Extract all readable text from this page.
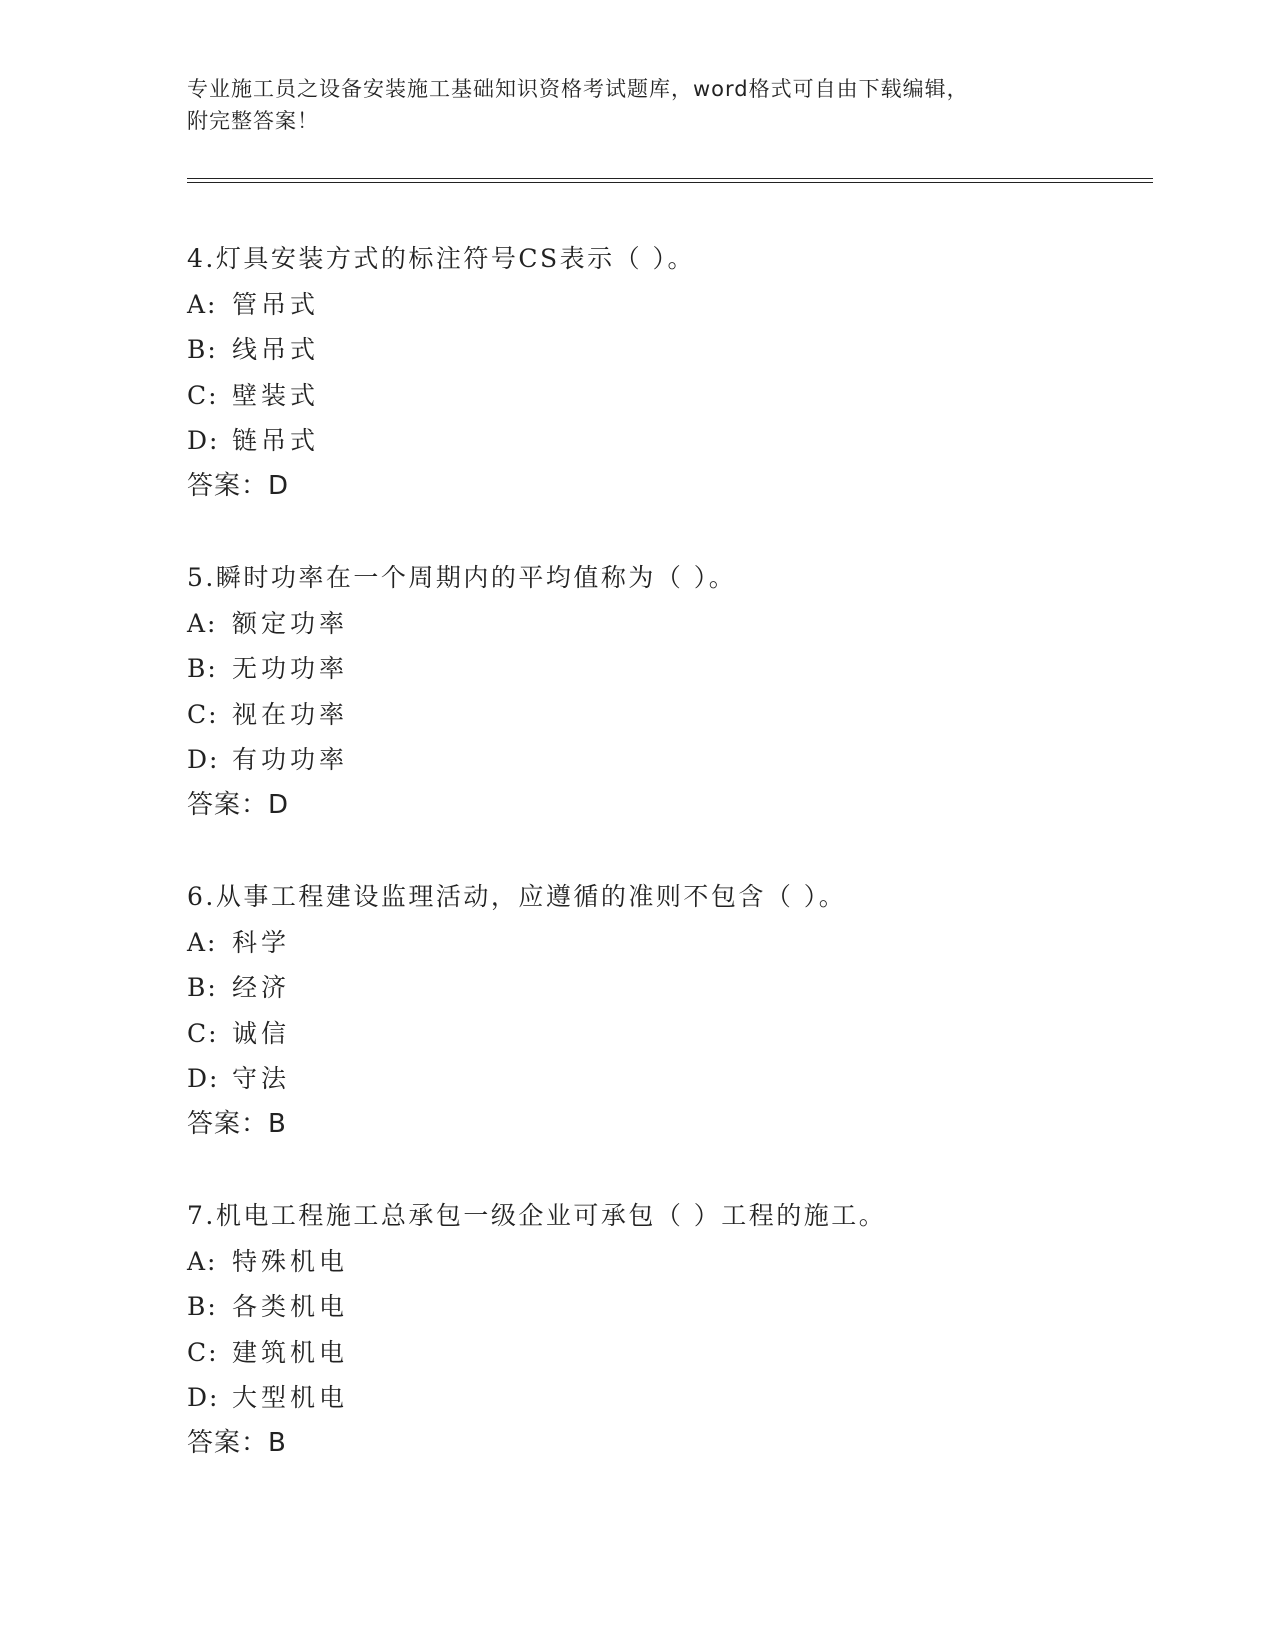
专业施工员之设备安装施工基础知识资格考试题库，word格式可自由下载编辑，
附完整答案！
4.灯具安装方式的标注符号CS表示（ ）。
A: 管吊式
B: 线吊式
C: 壁装式
D: 链吊式
答案：D
5.瞬时功率在一个周期内的平均值称为（ ）。
A: 额定功率
B: 无功功率
C: 视在功率
D: 有功功率
答案：D
6.从事工程建设监理活动，应遵循的准则不包含（ ）。
A: 科学
B: 经济
C: 诚信
D: 守法
答案：B
7.机电工程施工总承包一级企业可承包（ ）工程的施工。
A: 特殊机电
B: 各类机电
C: 建筑机电
D: 大型机电
答案：B
